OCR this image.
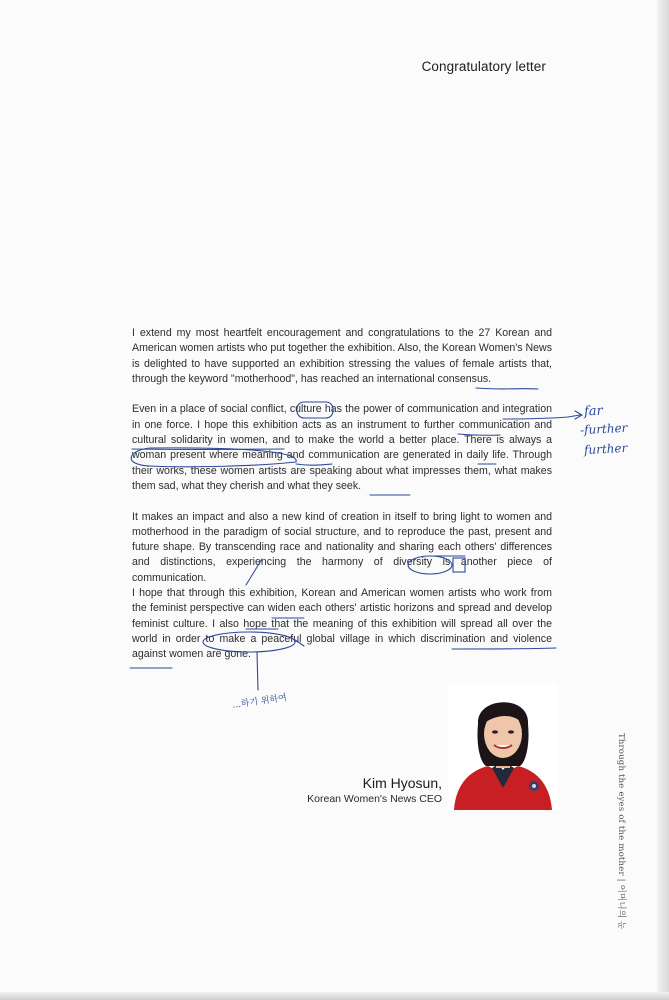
Congratulatory letter

I extend my most heartfelt encouragement and congratulations to the 27 Korean and American women artists who put together the exhibition. Also, the Korean Women's News is delighted to have supported an exhibition stressing the values of female artists that, through the keyword "motherhood", has reached an international consensus.

Even in a place of social conflict, culture has the power of communication and integration in one force. I hope this exhibition acts as an instrument to further communication and cultural solidarity in women, and to make the world a better place. There is always a woman present where meaning and communication are generated in daily life. Through their works, these women artists are speaking about what impresses them, what makes them sad, what they cherish and what they seek.

It makes an impact and also a new kind of creation in itself to bring light to women and motherhood in the paradigm of social structure, and to reproduce the past, present and future shape. By transcending race and nationality and sharing each others' differences and distinctions, experiencing the harmony of diversity is another piece of communication.

I hope that through this exhibition, Korean and American women artists who work from the feminist perspective can widen each others' artistic horizons and spread and develop feminist culture. I also hope that the meaning of this exhibition will spread all over the world in order to make a peaceful global village in which discrimination and violence against women are gone.

far
-further
further
...하기 위하여
Kim Hyosun,
Korean Women's News CEO	Through the eyes of the mother | 어머니의 눈
